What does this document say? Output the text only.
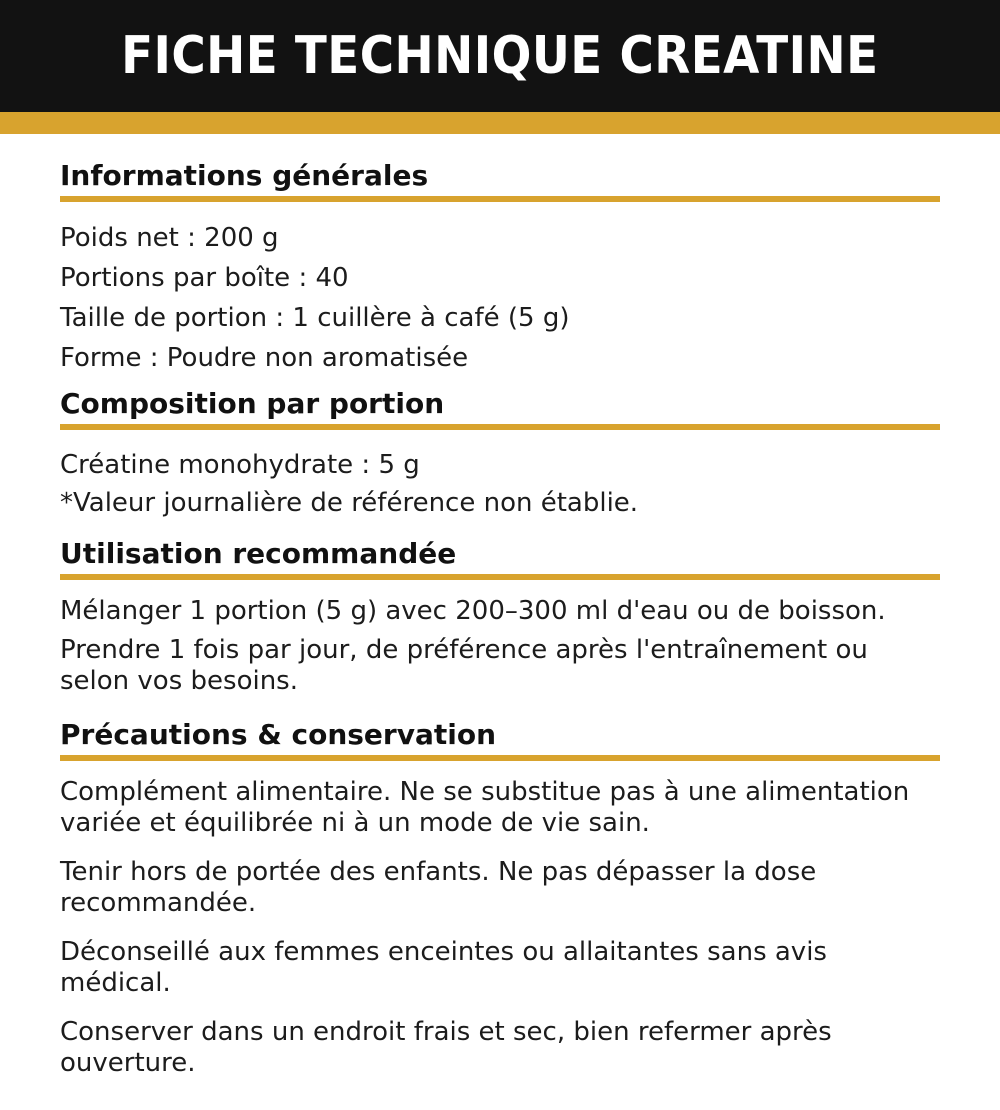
FICHE TECHNIQUE CREATINE
Informations générales
Poids net : 200 g
Portions par boîte : 40
Taille de portion : 1 cuillère à café (5 g)
Forme : Poudre non aromatisée
Composition par portion
Créatine monohydrate : 5 g
*Valeur journalière de référence non établie.
Utilisation recommandée

Mélanger 1 portion (5 g) avec 200–300 ml d'eau ou de boisson.

Prendre 1 fois par jour, de préférence après l'entraînement ou
selon vos besoins.

Précautions & conservation

Complément alimentaire. Ne se substitue pas à une alimentation
variée et équilibrée ni à un mode de vie sain.

Tenir hors de portée des enfants. Ne pas dépasser la dose
recommandée.

Déconseillé aux femmes enceintes ou allaitantes sans avis
médical.

Conserver dans un endroit frais et sec, bien refermer après
ouverture.
